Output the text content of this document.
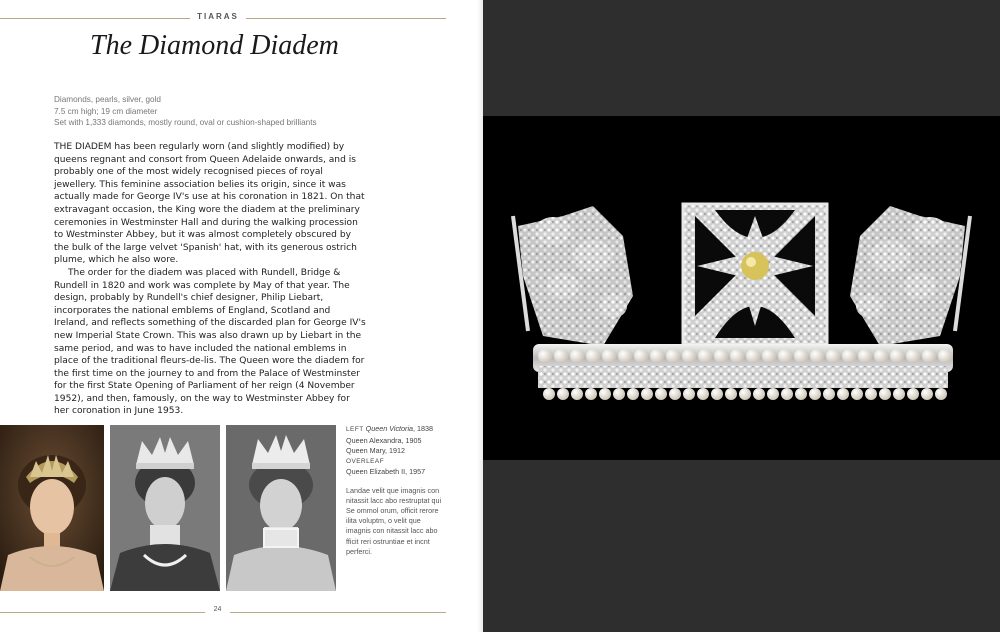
TIARAS
The Diamond Diadem
Diamonds, pearls, silver, gold
7.5 cm high; 19 cm diameter
Set with 1,333 diamonds, mostly round, oval or cushion-shaped brilliants

THE DIADEM has been regularly worn (and slightly modified) by queens regnant and consort from Queen Adelaide onwards, and is probably one of the most widely recognised pieces of royal jewellery. This feminine association belies its origin, since it was actually made for George IV's use at his coronation in 1821. On that extravagant occasion, the King wore the diadem at the preliminary ceremonies in Westminster Hall and during the walking procession to Westminster Abbey, but it was almost completely obscured by the bulk of the large velvet 'Spanish' hat, with its generous ostrich plume, which he also wore.

The order for the diadem was placed with Rundell, Bridge & Rundell in 1820 and work was complete by May of that year. The design, probably by Rundell's chief designer, Philip Liebart, incorporates the national emblems of England, Scotland and Ireland, and reflects something of the discarded plan for George IV's new Imperial State Crown. This was also drawn up by Liebart in the same period, and was to have included the national emblems in place of the traditional fleurs-de-lis. The Queen wore the diadem for the first time on the journey to and from the Palace of Westminster for the first State Opening of Parliament of her reign (4 November 1952), and then, famously, on the way to Westminster Abbey for her coronation in June 1953.

LEFT Queen Victoria, 1838
Queen Alexandra, 1905
Queen Mary, 1912
OVERLEAF
Queen Elizabeth II, 1957
Landae velit que imagnis con nitassit lacc abo restruptat qui Se ommol orum, officit rerore ilita voluptm, o velit que imagnis con nitassit lacc abo fficit reri ostruntiae et incnt perferci.
24
